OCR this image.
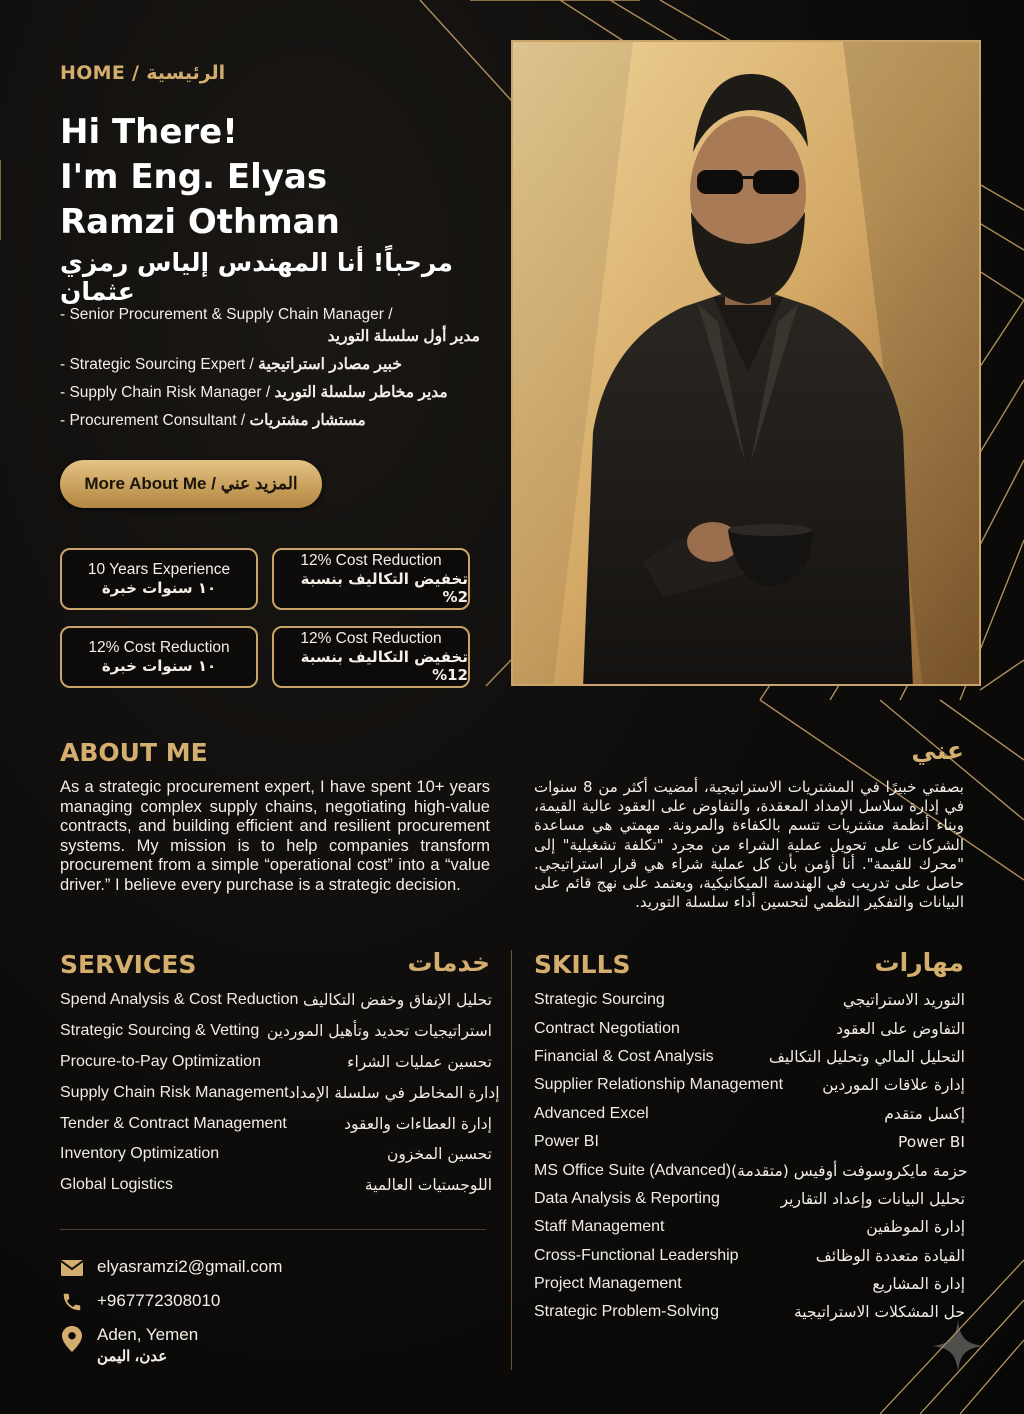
HOME / الرئيسية
Hi There!
I'm Eng. Elyas
Ramzi Othman
مرحباً! أنا المهندس إلياس رمزي عثمان
- Senior Procurement & Supply Chain Manager /
مدير أول سلسلة التوريد
- Strategic Sourcing Expert / خبير مصادر استراتيجية
- Supply Chain Risk Manager / مدير مخاطر سلسلة التوريد
- Procurement Consultant / مستشار مشتريات
More About Me / المزيد عني
10 Years Experience
١٠ سنوات خبرة
12% Cost Reduction
تخفيض التكاليف بنسبة 2%
12% Cost Reduction
١٠ سنوات خبرة
12% Cost Reduction
تخفيض التكاليف بنسبة 12%
ABOUT ME	عني
As a strategic procurement expert, I have spent 10+ years managing complex supply chains, negotiating high-value contracts, and building efficient and resilient procurement systems. My mission is to help companies transform procurement from a simple “operational cost” into a “value driver.” I believe every purchase is a strategic decision.
بصفتي خبيرًا في المشتريات الاستراتيجية، أمضيت أكثر من 8 سنوات في إدارة سلاسل الإمداد المعقدة، والتفاوض على العقود عالية القيمة، وبناء أنظمة مشتريات تتسم بالكفاءة والمرونة. مهمتي هي مساعدة الشركات على تحويل عملية الشراء من مجرد "تكلفة تشغيلية" إلى "محرك للقيمة". أنا أؤمن بأن كل عملية شراء هي قرار استراتيجي. حاصل على تدريب في الهندسة الميكانيكية، وبعتمد على نهج قائم على البيانات والتفكير النظمي لتحسين أداء سلسلة التوريد.
SERVICES	خدمات
Spend Analysis & Cost Reduction تحليل الإنفاق وخفض التكاليف
Strategic Sourcing & Vetting استراتيجيات تحديد وتأهيل الموردين
Procure-to-Pay Optimization	تحسين عمليات الشراء
Supply Chain Risk Management إدارة المخاطر في سلسلة الإمداد
Tender & Contract Management	إدارة العطاءات والعقود
Inventory Optimization	تحسين المخزون
Global Logistics	اللوجستيات العالمية
SKILLS	مهارات
Strategic Sourcing	التوريد الاستراتيجي
Contract Negotiation	التفاوض على العقود
Financial & Cost Analysis	التحليل المالي وتحليل التكاليف
Supplier Relationship Management	إدارة علاقات الموردين
Advanced Excel	إكسل متقدم
Power BI	Power BI
MS Office Suite (Advanced) حزمة مايكروسوفت أوفيس (متقدمة)
Data Analysis & Reporting	تحليل البيانات وإعداد التقارير
Staff Management	إدارة الموظفين
Cross-Functional Leadership	القيادة متعددة الوظائف
Project Management	إدارة المشاريع
Strategic Problem-Solving	حل المشكلات الاستراتيجية
elyasramzi2@gmail.com
+967772308010
Aden, Yemen
عدن، اليمن
